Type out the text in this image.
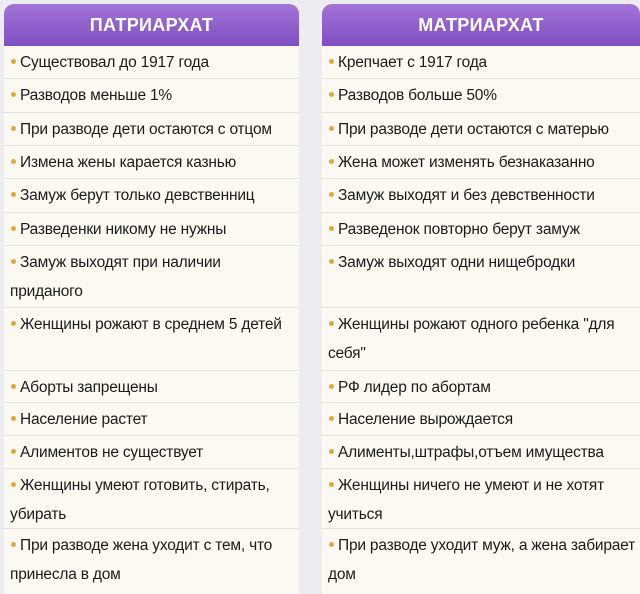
ПАТРИАРХАТ
Существовал до 1917 года
Разводов меньше 1%
При разводе дети остаются с отцом
Измена жены карается казнью
Замуж берут только девственниц
Разведенки никому не нужны
Замуж выходят при наличии приданого
Женщины рожают в среднем 5 детей
Аборты запрещены
Население растет
Алиментов не существует
Женщины умеют готовить, стирать, убирать
При разводе жена уходит с тем, что принесла в дом
МАТРИАРХАТ
Крепчает с 1917 года
Разводов больше 50%
При разводе дети остаются с матерью
Жена может изменять безнаказанно
Замуж выходят и без девственности
Разведенок повторно берут замуж
Замуж выходят одни нищебродки
Женщины рожают одного ребенка "для себя"
РФ лидер по абортам
Население вырождается
Алименты,штрафы,отъем имущества
Женщины ничего не умеют и не хотят учиться
При разводе уходит муж, а жена забирает дом
